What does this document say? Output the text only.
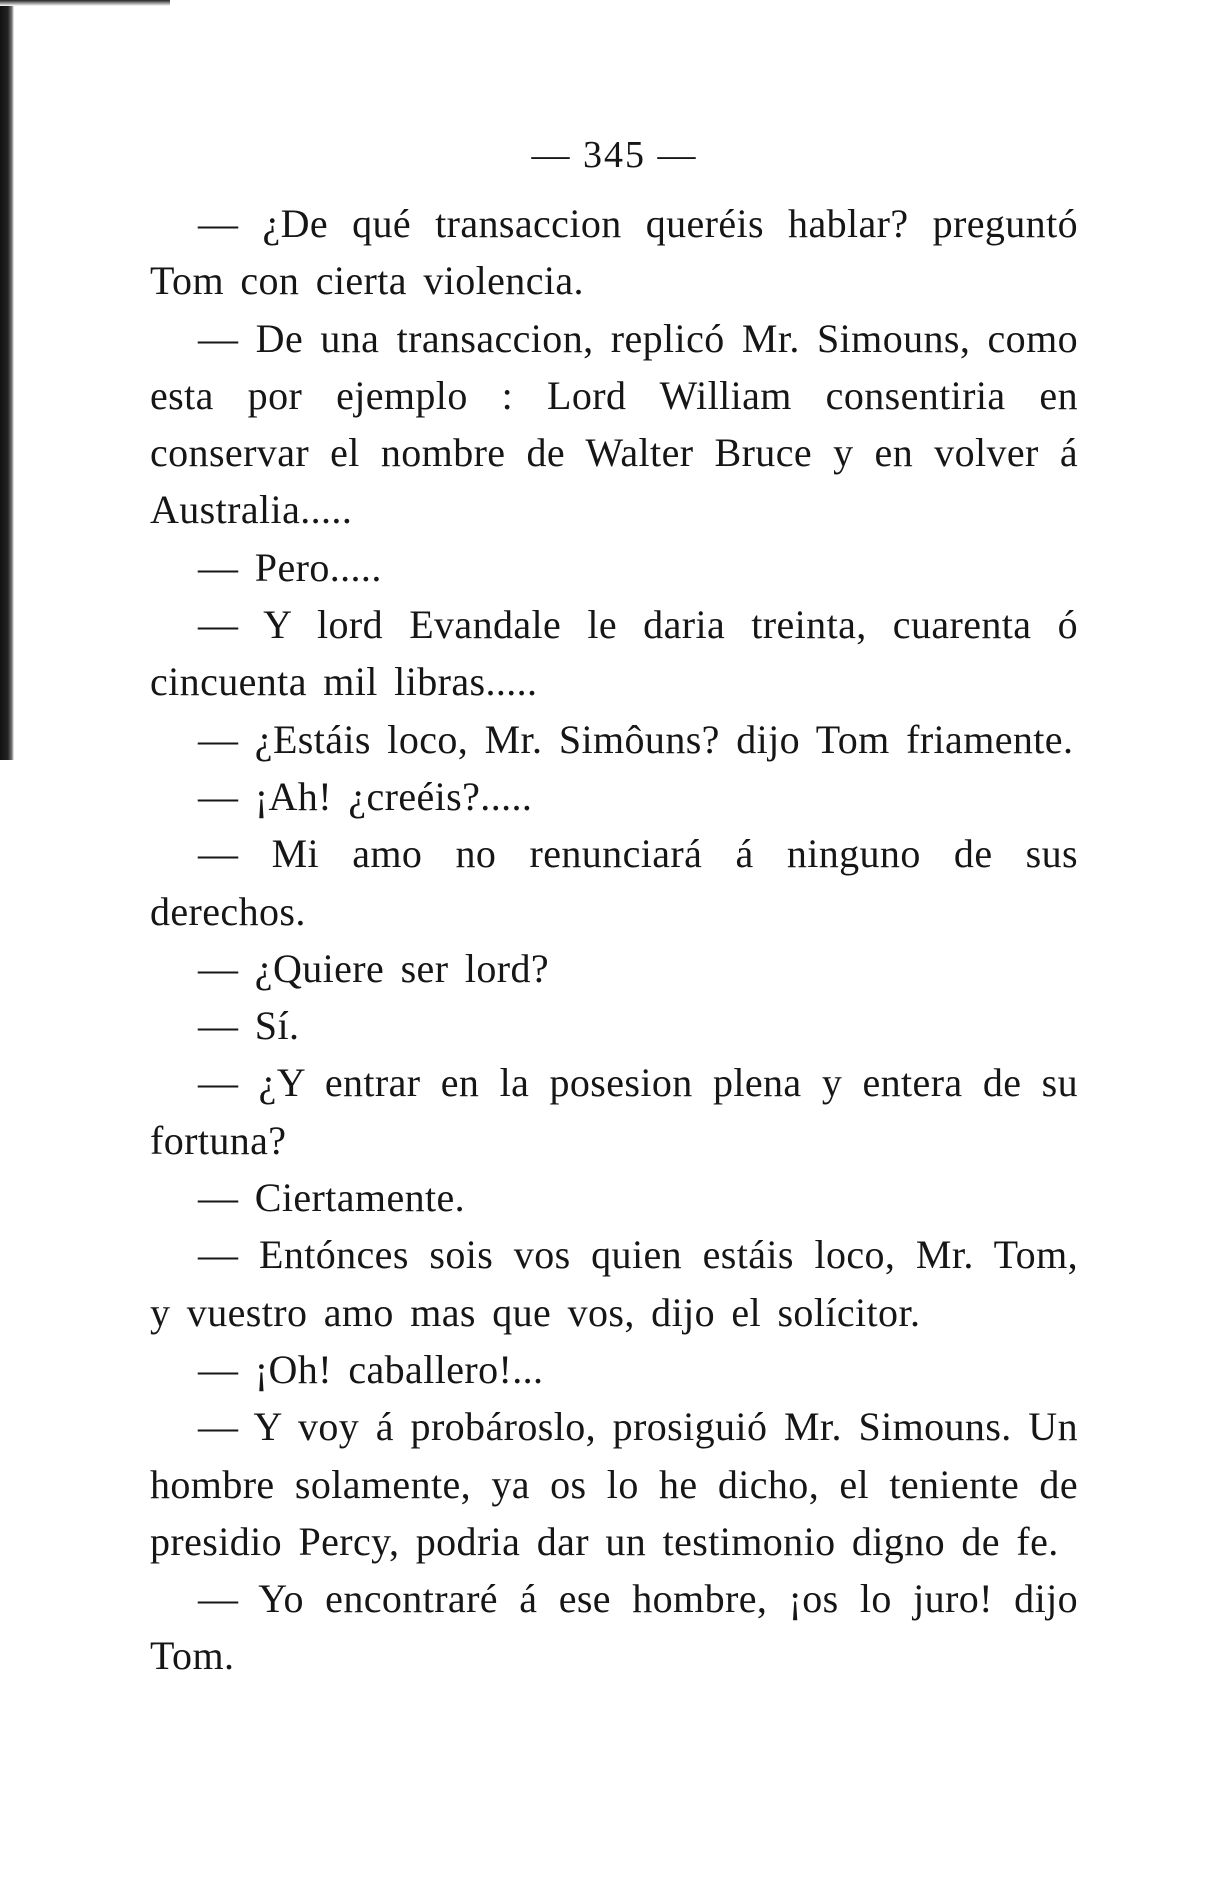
— 345 —

— ¿De qué transaccion queréis hablar? preguntó Tom con cierta violencia.

— De una transaccion, replicó Mr. Simouns, como esta por ejemplo : Lord William consentiria en conservar el nombre de Walter Bruce y en volver á Australia.....

— Pero.....

— Y lord Evandale le daria treinta, cuarenta ó cincuenta mil libras.....

— ¿Estáis loco, Mr. Simôuns? dijo Tom friamente.

— ¡Ah! ¿creéis?.....

— Mi amo no renunciará á ninguno de sus derechos.

— ¿Quiere ser lord?

— Sí.

— ¿Y entrar en la posesion plena y entera de su fortuna?

— Ciertamente.

— Entónces sois vos quien estáis loco, Mr. Tom, y vuestro amo mas que vos, dijo el solícitor.

— ¡Oh! caballero!...

— Y voy á probároslo, prosiguió Mr. Simouns. Un hombre solamente, ya os lo he dicho, el teniente de presidio Percy, podria dar un testimonio digno de fe.

— Yo encontraré á ese hombre, ¡os lo juro! dijo Tom.
